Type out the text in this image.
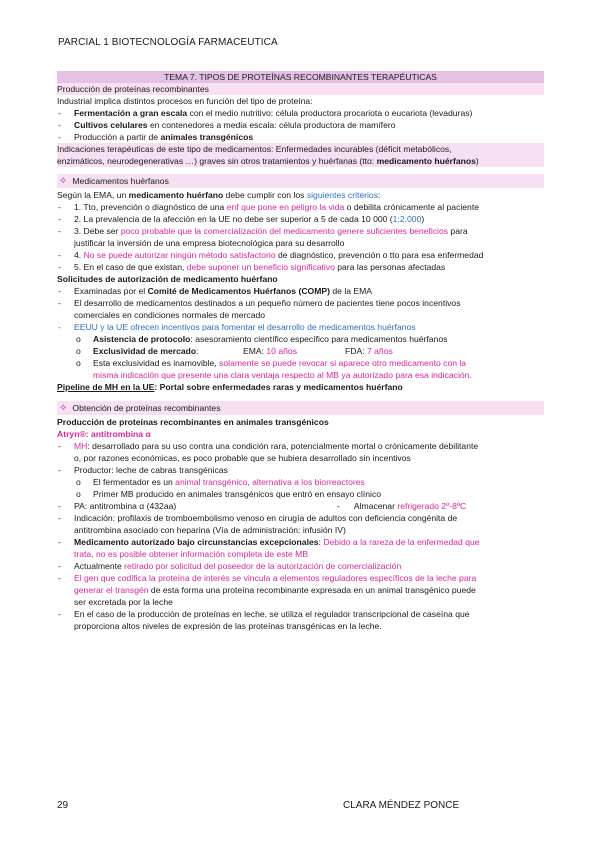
PARCIAL 1 BIOTECNOLOGÍA FARMACEUTICA
TEMA 7. TIPOS DE PROTEÍNAS RECOMBINANTES TERAPÉUTICAS
Producción de proteínas recombinantes
Industrial implica distintos procesos en función del tipo de proteína:
- Fermentación a gran escala con el medio nutritivo: célula productora procariota o eucariota (levaduras)
- Cultivos celulares en contenedores a media escala: célula productora de mamífero
- Producción a partir de animales transgénicos
Indicaciones terapéuticas de este tipo de medicamentos: Enfermedades incurables (déficit metabólicos,
enzimáticos, neurodegenerativas …) graves sin otros tratamientos y huérfanas (tto: medicamento huérfanos)
✧ Medicamentos huérfanos
Según la EMA, un medicamento huérfano debe cumplir con los siguientes criterios:
- 1. Tto, prevención o diagnóstico de una enf que pone en peligro la vida o debilita crónicamente al paciente
- 2. La prevalencia de la afección en la UE no debe ser superior a 5 de cada 10 000 (1:2.000)
- 3. Debe ser poco probable que la comercialización del medicamento genere suficientes beneficios para
justificar la inversión de una empresa biotecnológica para su desarrollo
- 4. No se puede autorizar ningún método satisfactorio de diagnóstico, prevención o tto para esa enfermedad
- 5. En el caso de que existan, debe suponer un beneficio significativo para las personas afectadas
Solicitudes de autorización de medicamento huérfano
- Examinadas por el Comité de Medicamentos Huérfanos (COMP) de la EMA
- El desarrollo de medicamentos destinados a un pequeño número de pacientes tiene pocos incentivos
comerciales en condiciones normales de mercado
- EEUU y la UE ofrecen incentivos para fomentar el desarrollo de medicamentos huérfanos
o Asistencia de protocolo: asesoramiento científico específico para medicamentos huérfanos
o Exclusividad de mercado:	EMA: 10 años	FDA: 7 años
o Esta exclusividad es inamovible, solamente se puede revocar si aparece otro medicamento con la
misma indicación que presente una clara ventaja respecto al MB ya autorizado para esa indicación.
Pipeline de MH en la UE: Portal sobre enfermedades raras y medicamentos huérfano
✧ Obtención de proteínas recombinantes
Producción de proteínas recombinantes en animales transgénicos
Atryn®: antitrombina α
- MH: desarrollado para su uso contra una condición rara, potencialmente mortal o crónicamente debilitante
o, por razones económicas, es poco probable que se hubiera desarrollado sin incentivos
- Productor: leche de cabras transgénicas
o El fermentador es un animal transgénico, alternativa a los biorreactores
o Primer MB producido en animales transgénicos que entró en ensayo clínico
- PA: antitrombina α (432aa)	- Almacenar refrigerado 2º-8ºC
- Indicación: profilaxis de tromboembolismo venoso en cirugía de adultos con deficiencia congénita de
antitrombina asociado con heparina (Vía de administración: infusión IV)
- Medicamento autorizado bajo circunstancias excepcionales: Debido a la rareza de la enfermedad que
trata, no es posible obtener información completa de este MB
- Actualmente retirado por solicitud del poseedor de la autorización de comercialización
- El gen que codifica la proteína de interés se vincula a elementos reguladores específicos de la leche para
generar el transgén de esta forma una proteína recombinante expresada en un animal transgénico puede
ser excretada por la leche
- En el caso de la producción de proteínas en leche, se utiliza el regulador transcripcional de caseína que
proporciona altos niveles de expresión de las proteínas transgénicas en la leche.
29	CLARA MÉNDEZ PONCE
